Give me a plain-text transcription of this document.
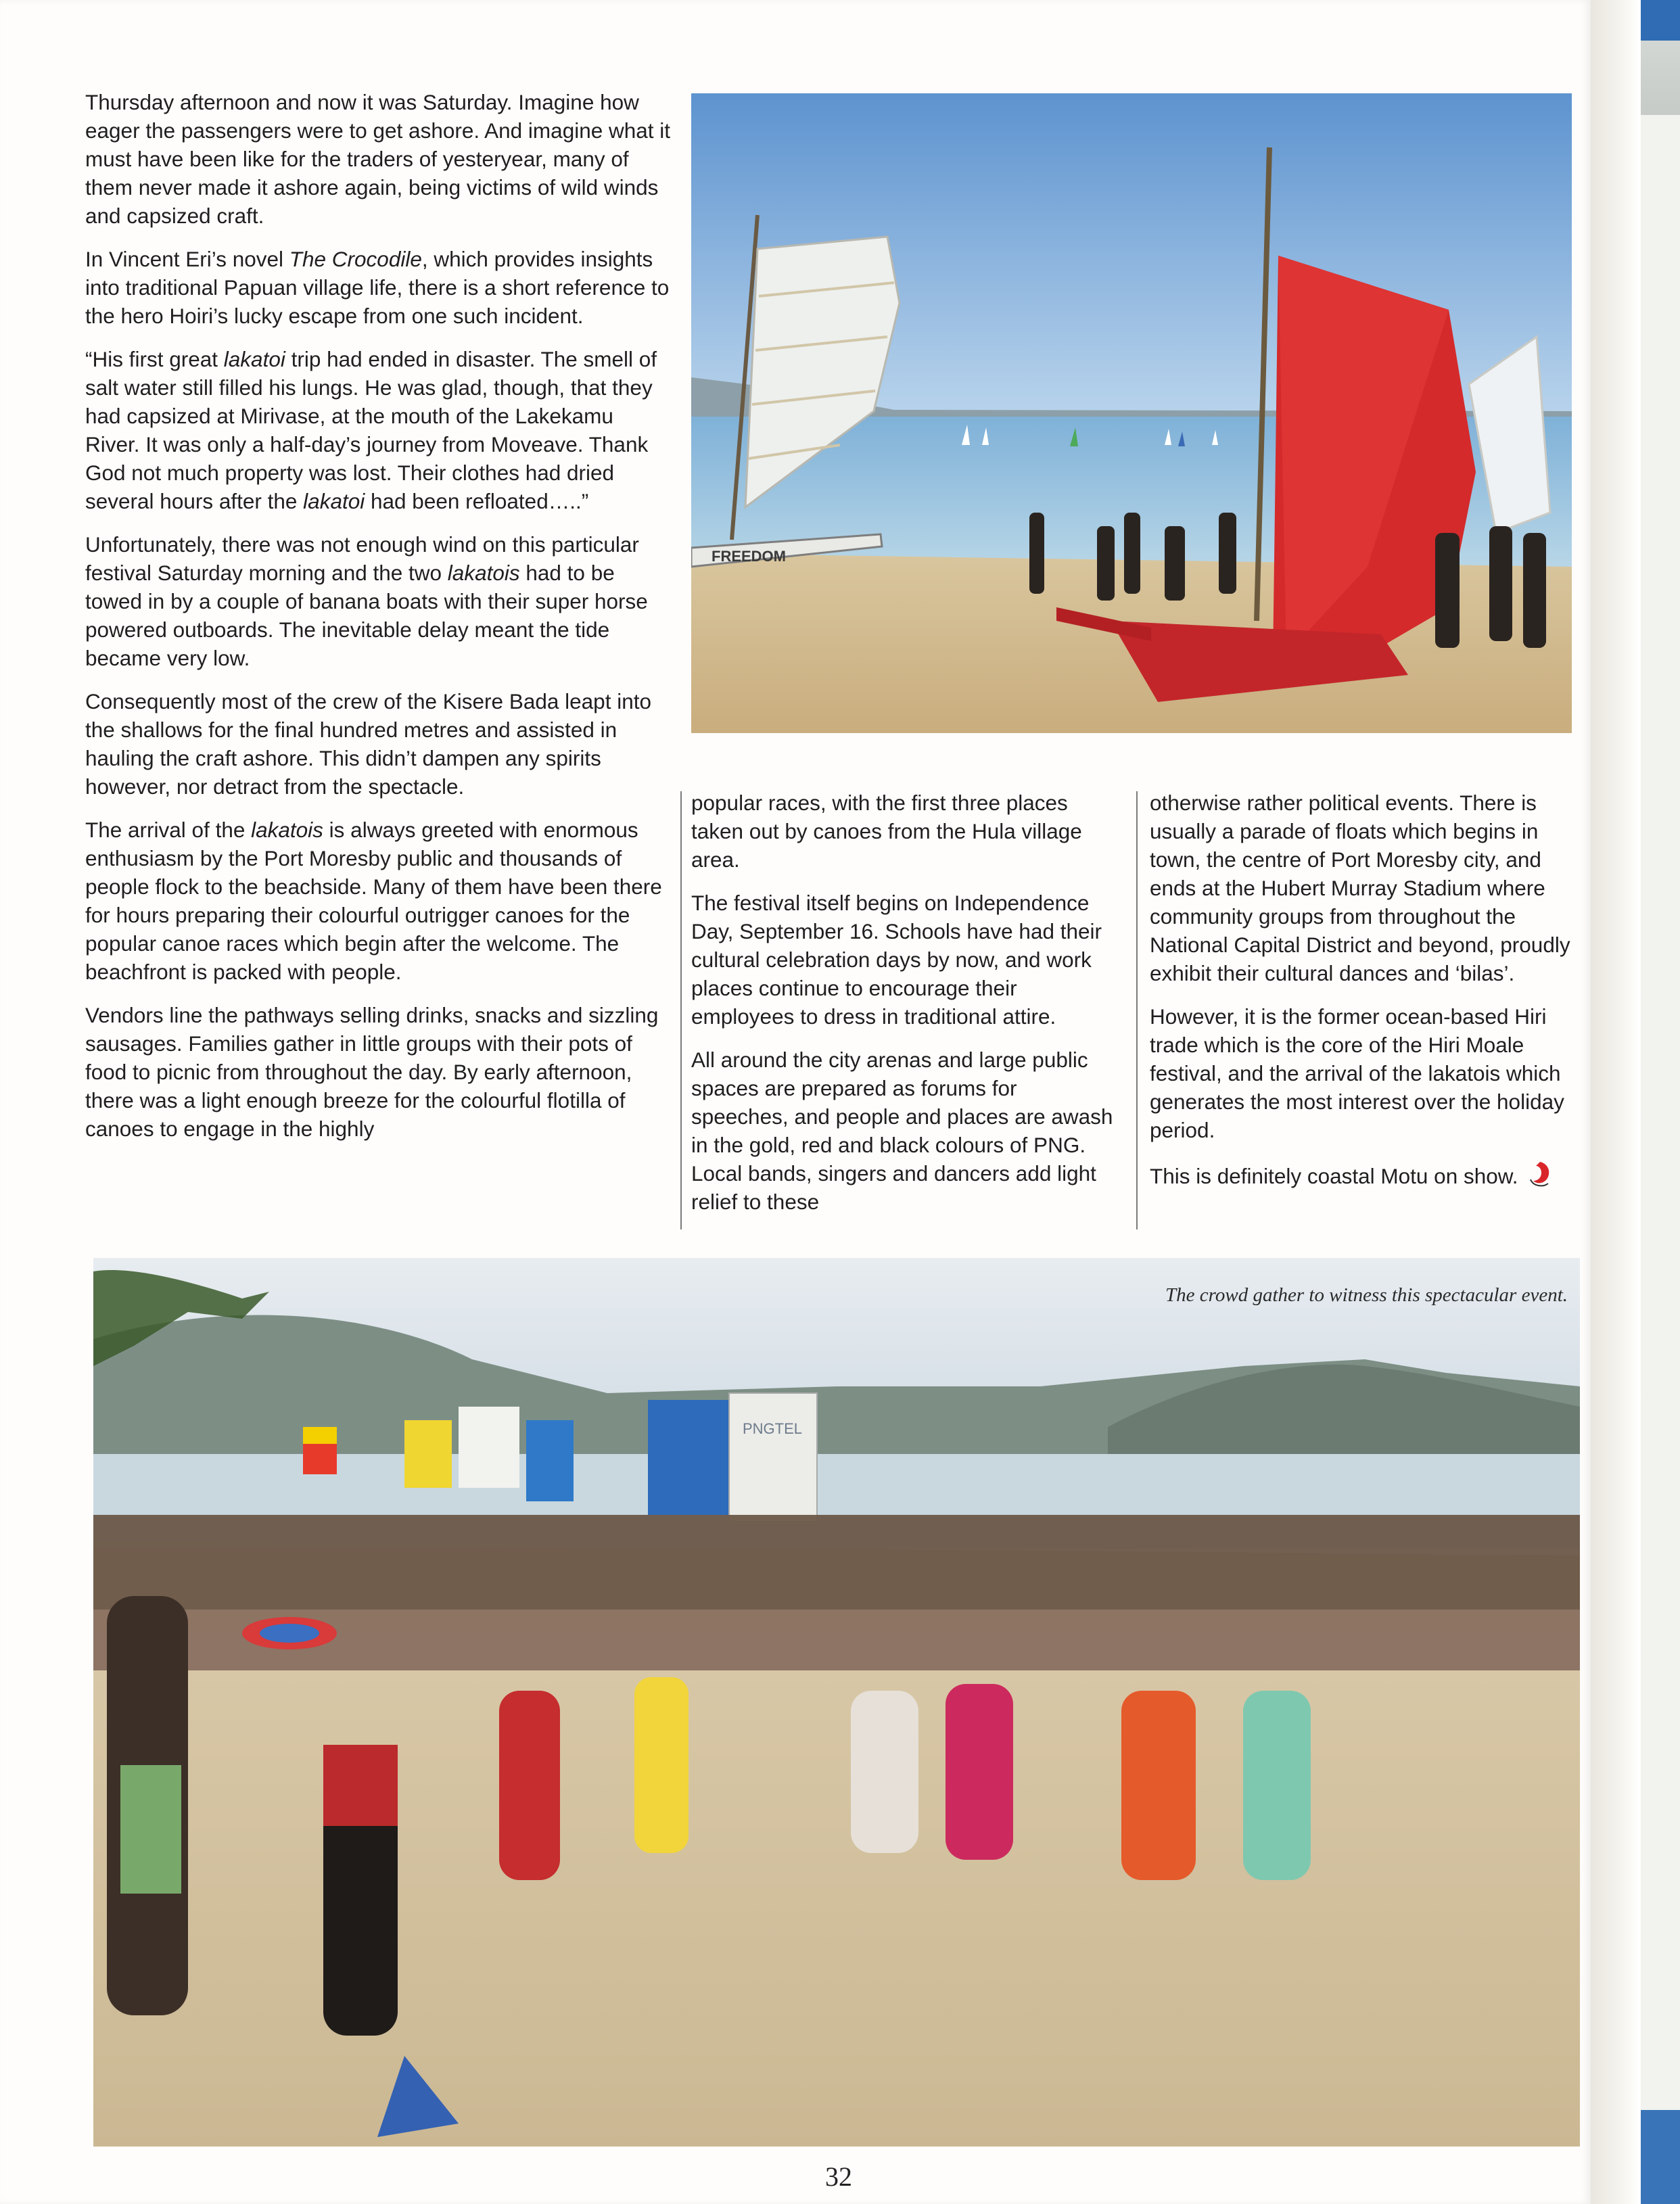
Thursday afternoon and now it was Saturday. Imagine how eager the passengers were to get ashore. And imagine what it must have been like for the traders of yesteryear, many of them never made it ashore again, being victims of wild winds and capsized craft.

In Vincent Eri’s novel The Crocodile, which provides insights into traditional Papuan village life, there is a short reference to the hero Hoiri’s lucky escape from one such incident.

“His first great lakatoi trip had ended in disaster. The smell of salt water still filled his lungs. He was glad, though, that they had capsized at Mirivase, at the mouth of the Lakekamu River. It was only a half-day’s journey from Moveave. Thank God not much property was lost. Their clothes had dried several hours after the lakatoi had been refloated…..”

Unfortunately, there was not enough wind on this particular festival Saturday morning and the two lakatois had to be towed in by a couple of banana boats with their super horse powered outboards. The inevitable delay meant the tide became very low.

Consequently most of the crew of the Kisere Bada leapt into the shallows for the final hundred metres and assisted in hauling the craft ashore. This didn’t dampen any spirits however, nor detract from the spectacle.

The arrival of the lakatois is always greeted with enormous enthusiasm by the Port Moresby public and thousands of people flock to the beachside. Many of them have been there for hours preparing their colourful outrigger canoes for the popular canoe races which begin after the welcome. The beachfront is packed with people.

Vendors line the pathways selling drinks, snacks and sizzling sausages. Families gather in little groups with their pots of food to picnic from throughout the day. By early afternoon, there was a light enough breeze for the colourful flotilla of canoes to engage in the highly

FREEDOM

popular races, with the first three places taken out by canoes from the Hula village area.

The festival itself begins on Independence Day, September 16. Schools have had their cultural celebration days by now, and work places continue to encourage their employees to dress in traditional attire.

All around the city arenas and large public spaces are prepared as forums for speeches, and people and places are awash in the gold, red and black colours of PNG. Local bands, singers and dancers add light relief to these

otherwise rather political events. There is usually a parade of floats which begins in town, the centre of Port Moresby city, and ends at the Hubert Murray Stadium where community groups from throughout the National Capital District and beyond, proudly exhibit their cultural dances and ‘bilas’.

However, it is the former ocean-based Hiri trade which is the core of the Hiri Moale festival, and the arrival of the lakatois which generates the most interest over the holiday period.

This is definitely coastal Motu on show.

PNGTEL
The crowd gather to witness this spectacular event.
32
